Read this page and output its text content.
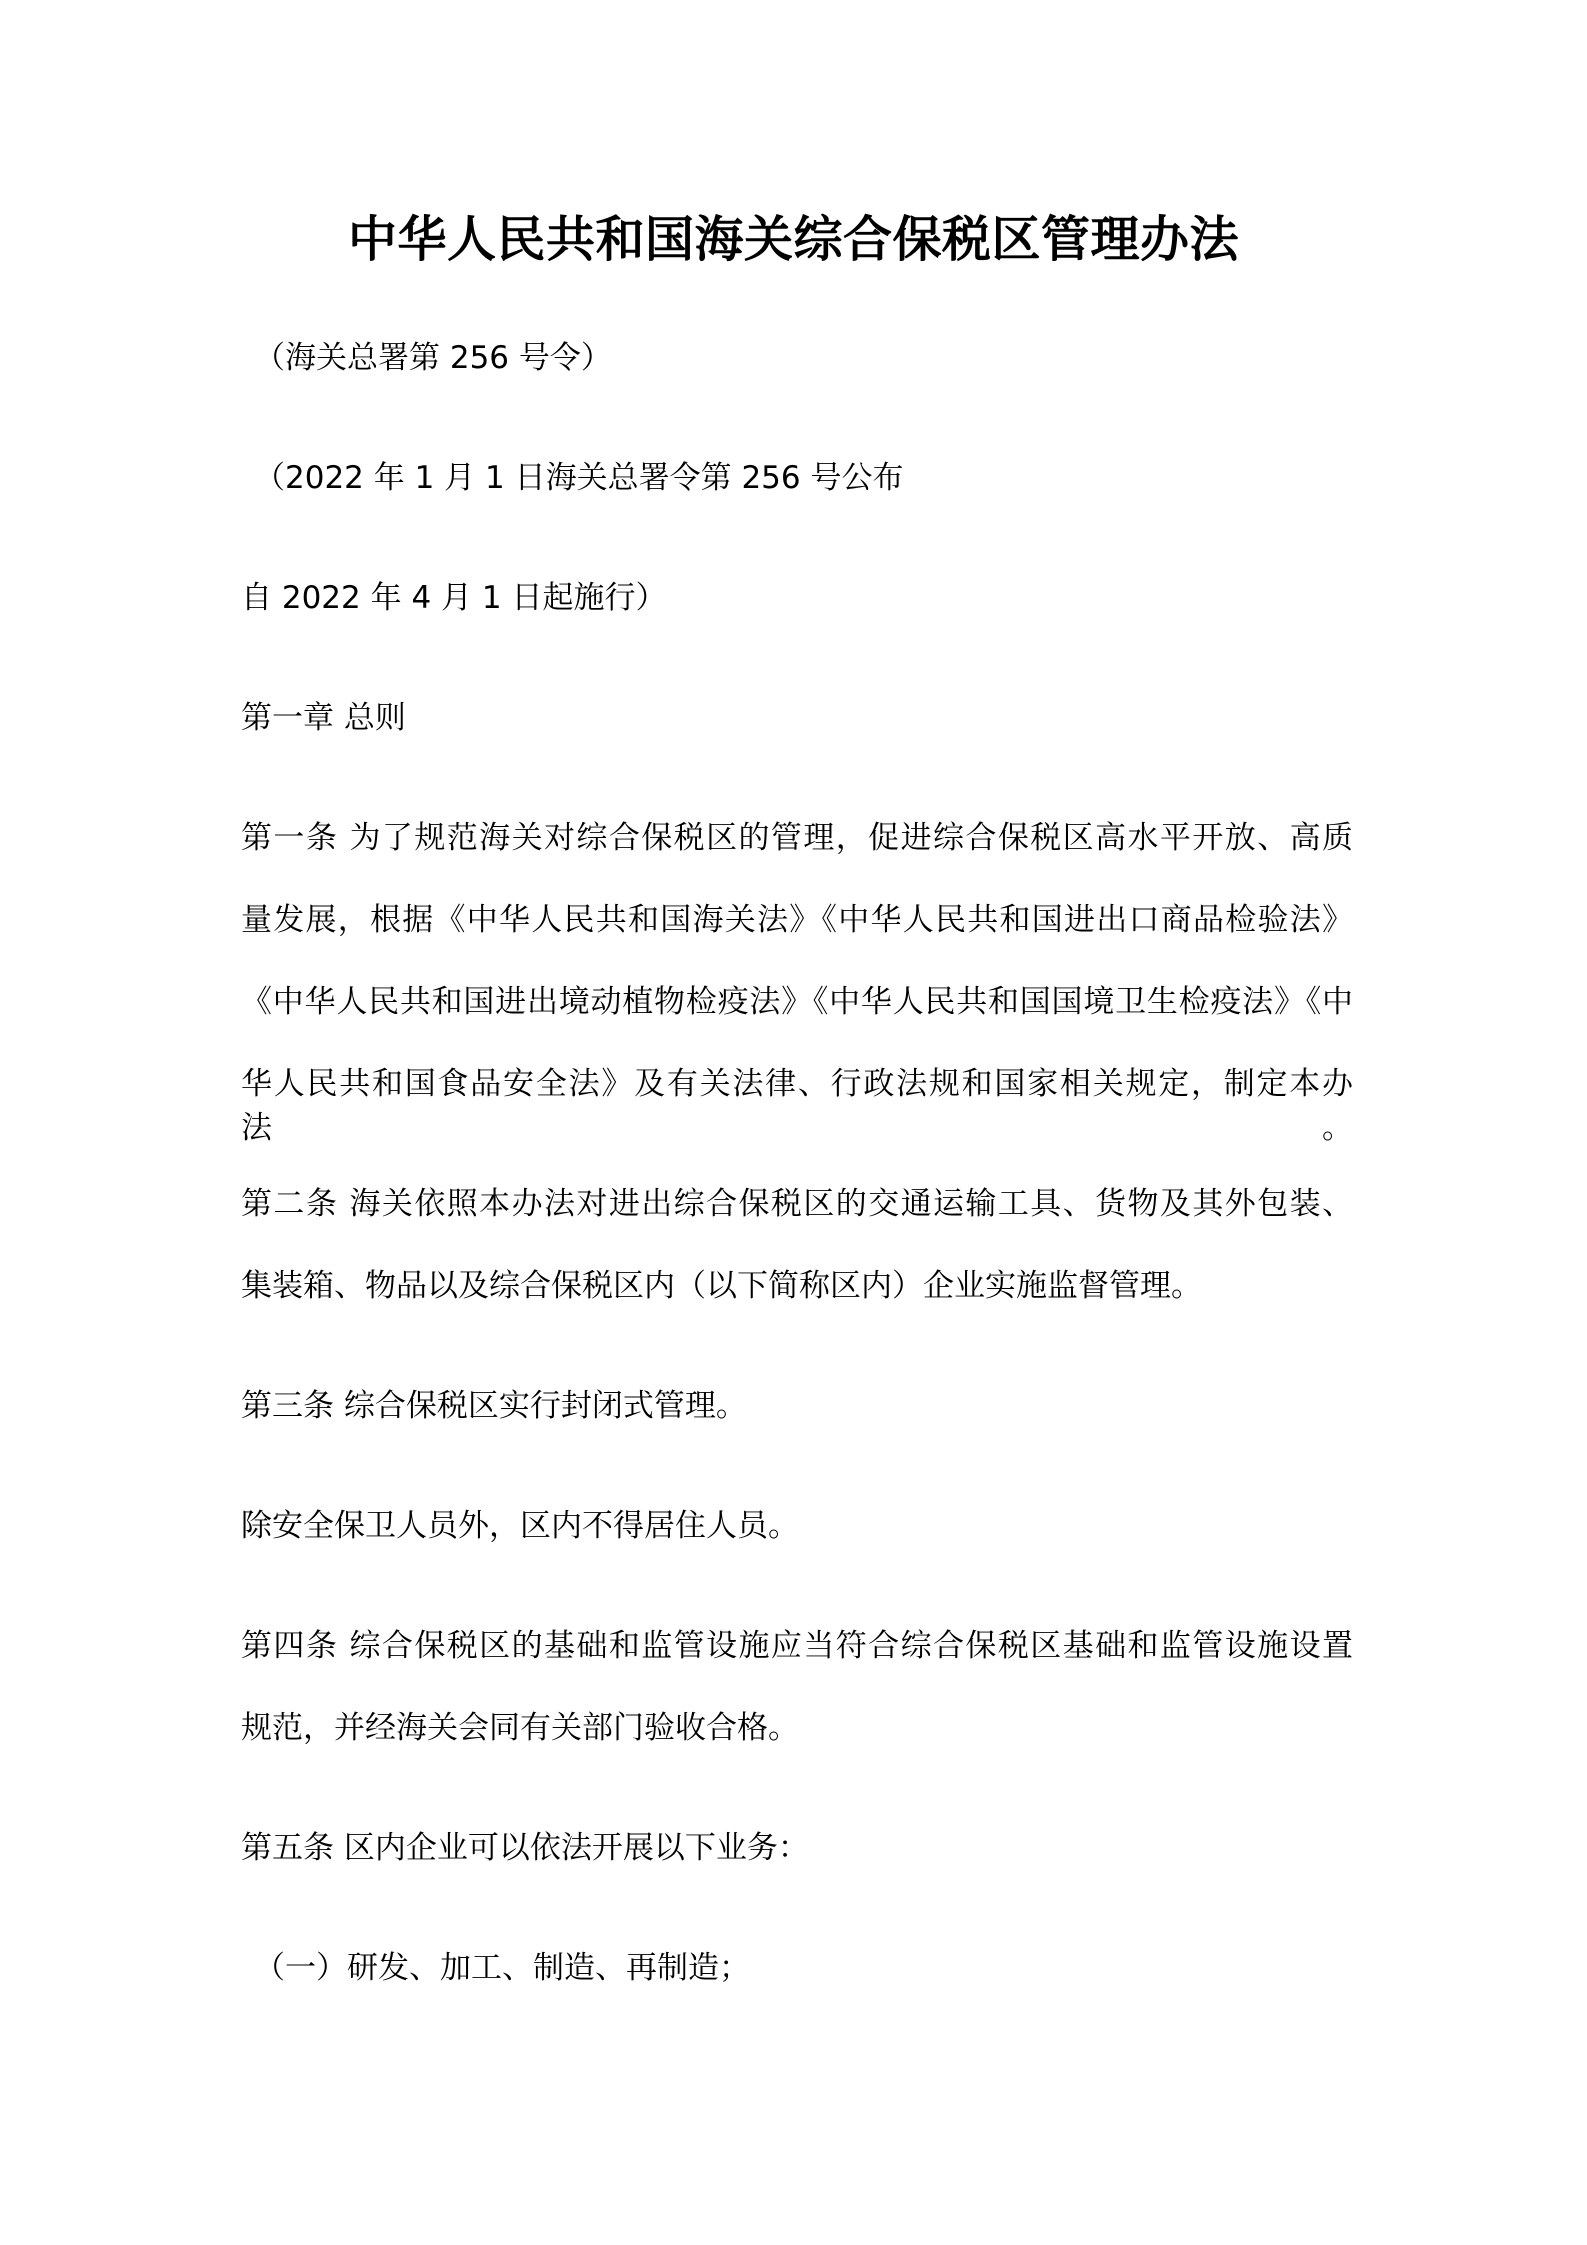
中华人民共和国海关综合保税区管理办法
（海关总署第 256 号令）
（2022 年 1 月 1 日海关总署令第 256 号公布
自 2022 年 4 月 1 日起施行）
第一章 总则
第一条 为了规范海关对综合保税区的管理，促进综合保税区高水平开放、高质
量发展，根据《中华人民共和国海关法》《中华人民共和国进出口商品检验法》
《中华人民共和国进出境动植物检疫法》《中华人民共和国国境卫生检疫法》《中
华人民共和国食品安全法》及有关法律、行政法规和国家相关规定，制定本办法。
第二条 海关依照本办法对进出综合保税区的交通运输工具、货物及其外包装、
集装箱、物品以及综合保税区内（以下简称区内）企业实施监督管理。
第三条 综合保税区实行封闭式管理。
除安全保卫人员外，区内不得居住人员。
第四条 综合保税区的基础和监管设施应当符合综合保税区基础和监管设施设置
规范，并经海关会同有关部门验收合格。
第五条 区内企业可以依法开展以下业务：
（一）研发、加工、制造、再制造；
